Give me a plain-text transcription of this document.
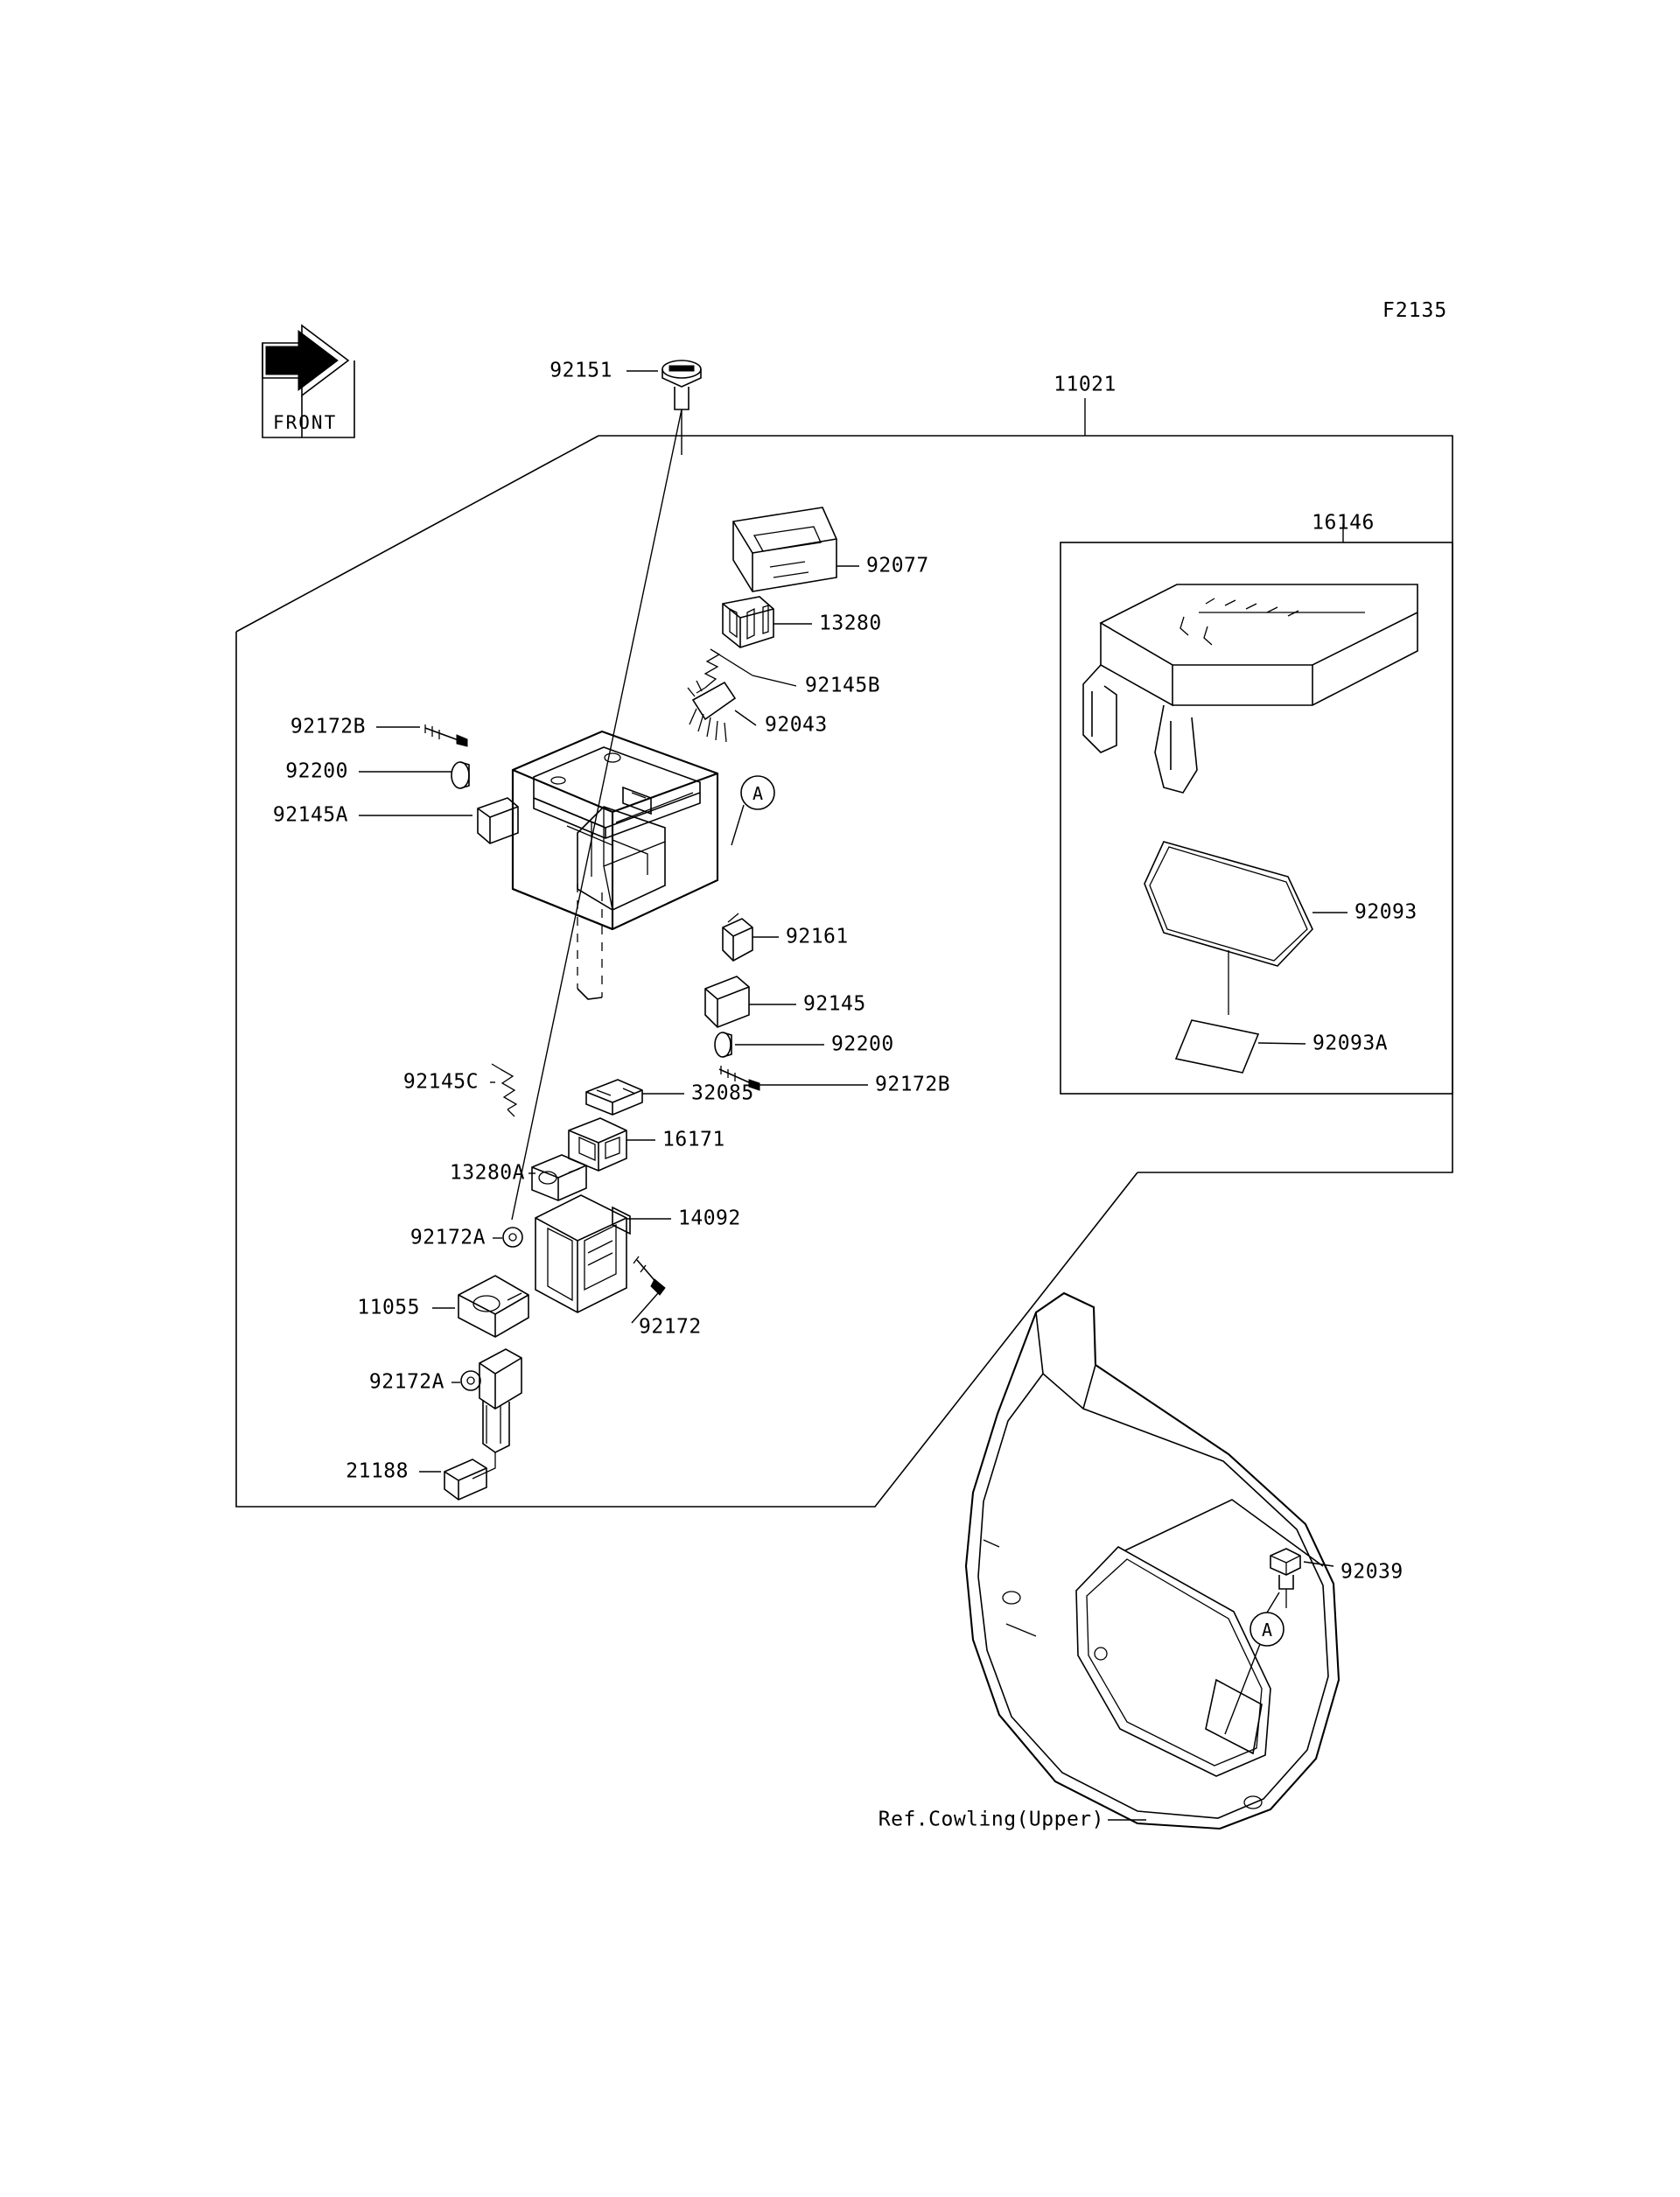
FRONT
A
A
F2135
92151
11021
16146
92077
13280
92145B
92043
92172B
92200
92145A
92093
92161
92145
92200	92093A
92172B
92145C	32085
16171
13280A
14092
92172A
11055
92172
92172A
21188
92039
Ref.Cowling(Upper)
